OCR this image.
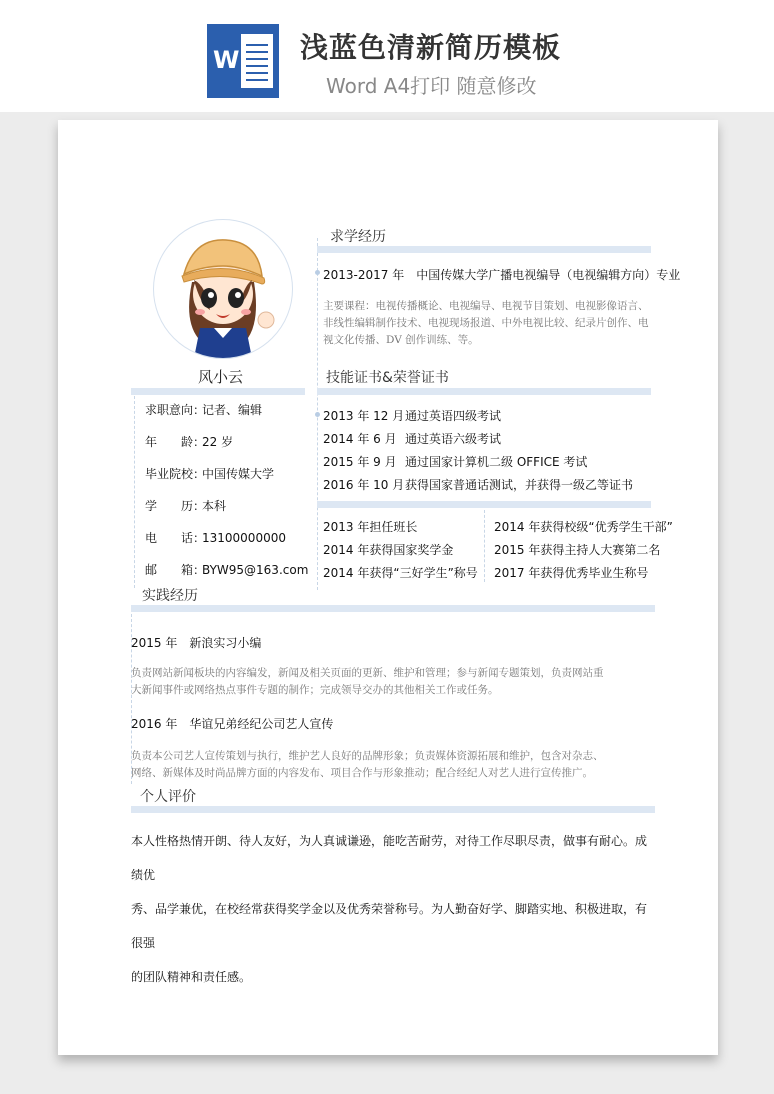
W 浅蓝色清新简历模板
Word A4打印 随意修改
风小云
求职意向：记者、编辑
年　　龄：22 岁
毕业院校：中国传媒大学
学　　历：本科
电　　话：13100000000
邮　　箱：BYW95@163.com
求学经历
2013-2017 年 中国传媒大学广播电视编导（电视编辑方向）专业
主要课程：电视传播概论、电视编导、电视节目策划、电视影像语言、
非线性编辑制作技术、电视现场报道、中外电视比较、纪录片创作、电
视文化传播、DV 创作训练、等。
技能证书&荣誉证书
2013 年 12 月通过英语四级考试
2014 年 6 月 通过英语六级考试
2015 年 9 月 通过国家计算机二级 OFFICE 考试
2016 年 10 月获得国家普通话测试，并获得一级乙等证书
2013 年担任班长
2014 年获得国家奖学金
2014 年获得“三好学生”称号
2014 年获得校级“优秀学生干部”
2015 年获得主持人大赛第二名
2017 年获得优秀毕业生称号
实践经历
2015 年 新浪实习小编
负责网站新闻板块的内容编发，新闻及相关页面的更新、维护和管理；参与新闻专题策划，负责网站重
大新闻事件或网络热点事件专题的制作；完成领导交办的其他相关工作或任务。
2016 年 华谊兄弟经纪公司艺人宣传
负责本公司艺人宣传策划与执行，维护艺人良好的品牌形象；负责媒体资源拓展和维护，包含对杂志、
网络、新媒体及时尚品牌方面的内容发布、项目合作与形象推动；配合经纪人对艺人进行宣传推广。
个人评价
本人性格热情开朗、待人友好，为人真诚谦逊，能吃苦耐劳，对待工作尽职尽责，做事有耐心。成绩优
秀、品学兼优，在校经常获得奖学金以及优秀荣誉称号。为人勤奋好学、脚踏实地、积极进取，有很强
的团队精神和责任感。
